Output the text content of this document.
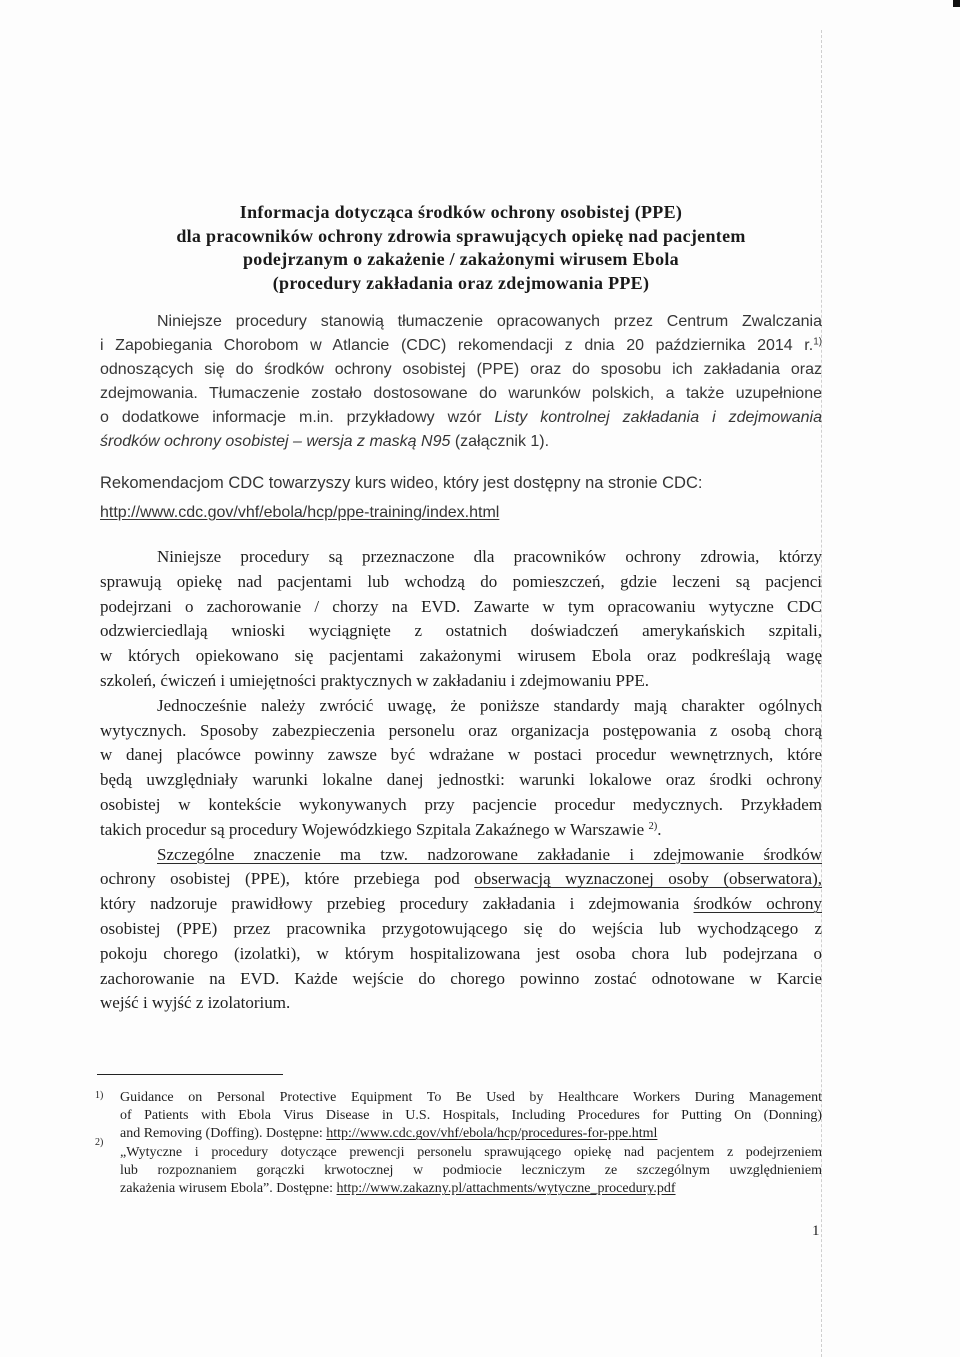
Informacja dotycząca środków ochrony osobistej (PPE)
dla pracowników ochrony zdrowia sprawujących opiekę nad pacjentem
podejrzanym o zakażenie / zakażonymi wirusem Ebola
(procedury zakładania oraz zdejmowania PPE)
Niniejsze procedury stanowią tłumaczenie opracowanych przez Centrum Zwalczania
i Zapobiegania Chorobom w Atlancie (CDC) rekomendacji z dnia 20 października 2014 r.$^{1)}$
odnoszących się do środków ochrony osobistej (PPE) oraz do sposobu ich zakładania oraz
zdejmowania. Tłumaczenie zostało dostosowane do warunków polskich, a także uzupełnione
o dodatkowe informacje m.in. przykładowy wzór Listy kontrolnej zakładania i zdejmowania
środków ochrony osobistej – wersja z maską N95 (załącznik 1).
Rekomendacjom CDC towarzyszy kurs wideo, który jest dostępny na stronie CDC:
http://www.cdc.gov/vhf/ebola/hcp/ppe-training/index.html
Niniejsze procedury są przeznaczone dla pracowników ochrony zdrowia, którzy
sprawują opiekę nad pacjentami lub wchodzą do pomieszczeń, gdzie leczeni są pacjenci
podejrzani o zachorowanie / chorzy na EVD. Zawarte w tym opracowaniu wytyczne CDC
odzwierciedlają wnioski wyciągnięte z ostatnich doświadczeń amerykańskich szpitali,
w których opiekowano się pacjentami zakażonymi wirusem Ebola oraz podkreślają wagę
szkoleń, ćwiczeń i umiejętności praktycznych w zakładaniu i zdejmowaniu PPE.
Jednocześnie należy zwrócić uwagę, że poniższe standardy mają charakter ogólnych
wytycznych. Sposoby zabezpieczenia personelu oraz organizacja postępowania z osobą chorą
w danej placówce powinny zawsze być wdrażane w postaci procedur wewnętrznych, które
będą uwzględniały warunki lokalne danej jednostki: warunki lokalowe oraz środki ochrony
osobistej w kontekście wykonywanych przy pacjencie procedur medycznych. Przykładem
takich procedur są procedury Wojewódzkiego Szpitala Zakaźnego w Warszawie $^{2)}$.
Szczególne znaczenie ma tzw. nadzorowane zakładanie i zdejmowanie środków
ochrony osobistej (PPE), które przebiega pod obserwacją wyznaczonej osoby (obserwatora),
który nadzoruje prawidłowy przebieg procedury zakładania i zdejmowania środków ochrony
osobistej (PPE) przez pracownika przygotowującego się do wejścia lub wychodzącego z
pokoju chorego (izolatki), w którym hospitalizowana jest osoba chora lub podejrzana o
zachorowanie na EVD. Każde wejście do chorego powinno zostać odnotowane w Karcie
wejść i wyjść z izolatorium.
1) Guidance on Personal Protective Equipment To Be Used by Healthcare Workers During Management
of Patients with Ebola Virus Disease in U.S. Hospitals, Including Procedures for Putting On (Donning)
and Removing (Doffing). Dostępne: http://www.cdc.gov/vhf/ebola/hcp/procedures-for-ppe.html
2)
„Wytyczne i procedury dotyczące prewencji personelu sprawującego opiekę nad pacjentem z podejrzeniem
lub rozpoznaniem gorączki krwotocznej w podmiocie leczniczym ze szczególnym uwzględnieniem
zakażenia wirusem Ebola”. Dostępne: http://www.zakazny.pl/attachments/wytyczne_procedury.pdf
1
